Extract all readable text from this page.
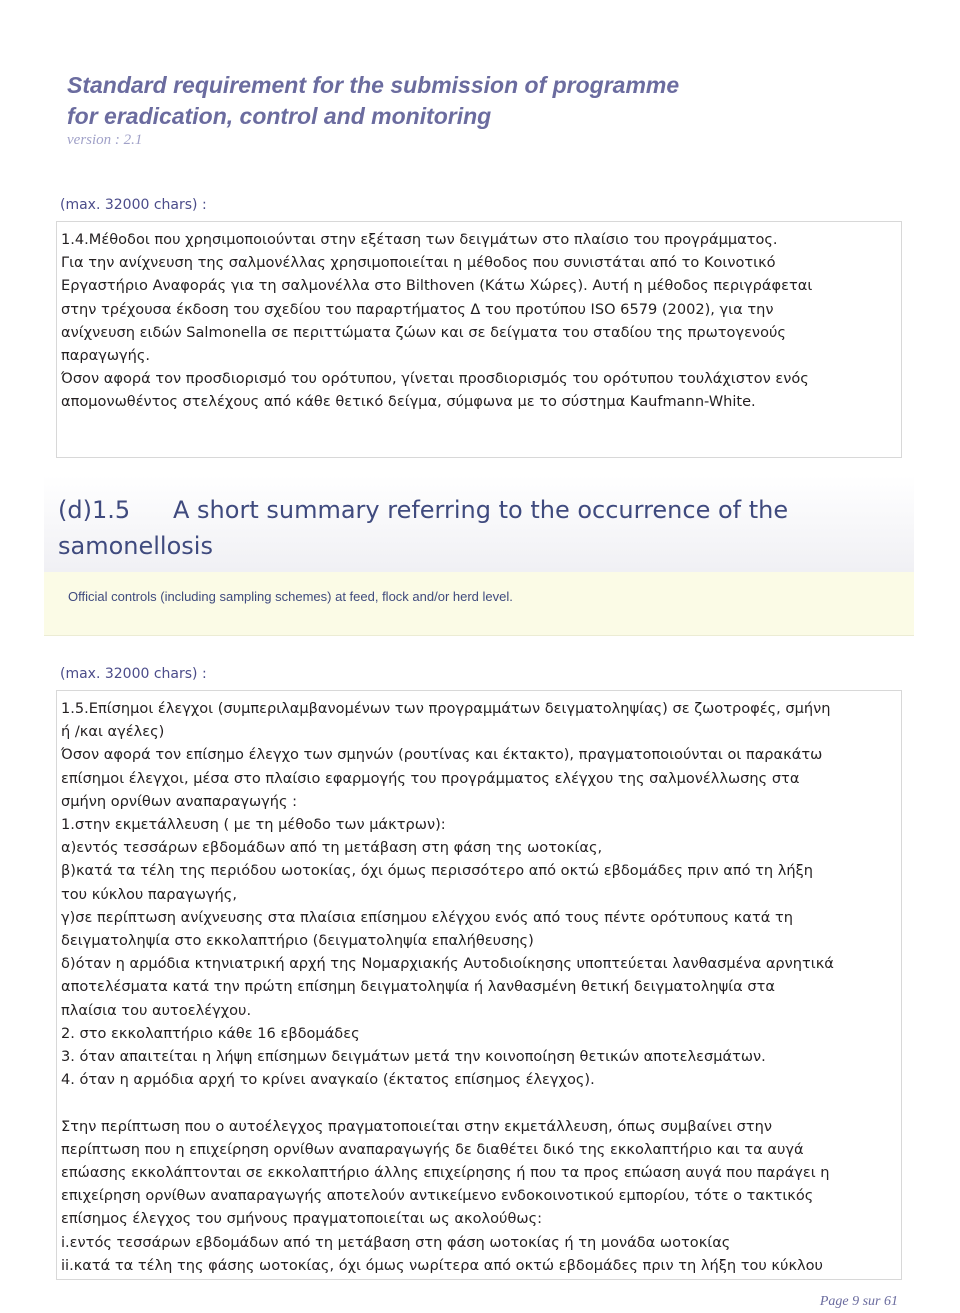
Standard requirement for the submission of programme
for eradication, control and monitoring
version : 2.1
(max. 32000 chars) :
1.4.Μέθοδοι που χρησιμοποιούνται στην εξέταση των δειγμάτων στο πλαίσιο του προγράμματος.
Για την ανίχνευση της σαλμονέλλας χρησιμοποιείται η μέθοδος που συνιστάται από το Κοινοτικό
Εργαστήριο Αναφοράς για τη σαλμονέλλα στο Bilthoven (Κάτω Χώρες). Αυτή η μέθοδος περιγράφεται
στην τρέχουσα έκδοση του σχεδίου του παραρτήματος Δ του προτύπου ISO 6579 (2002), για την
ανίχνευση ειδών Salmonella σε περιττώματα ζώων και σε δείγματα του σταδίου της πρωτογενούς
παραγωγής.
Όσον αφορά τον προσδιορισμό του ορότυπου, γίνεται προσδιορισμός του ορότυπου τουλάχιστον ενός
απομονωθέντος στελέχους από κάθε θετικό δείγμα, σύμφωνα με το σύστημα Kaufmann-White.
(d)1.5 A short summary referring to the occurrence of the
samonellosis
Official controls (including sampling schemes) at feed, flock and/or herd level.
(max. 32000 chars) :
1.5.Επίσημοι έλεγχοι (συμπεριλαμβανομένων των προγραμμάτων δειγματοληψίας) σε ζωοτροφές, σμήνη
ή /και αγέλες)
Όσον αφορά τον επίσημο έλεγχο των σμηνών (ρουτίνας και έκτακτο), πραγματοποιούνται οι παρακάτω
επίσημοι έλεγχοι, μέσα στο πλαίσιο εφαρμογής του προγράμματος ελέγχου της σαλμονέλλωσης στα
σμήνη ορνίθων αναπαραγωγής :
1.στην εκμετάλλευση ( με τη μέθοδο των μάκτρων):
α)εντός τεσσάρων εβδομάδων από τη μετάβαση στη φάση της ωοτοκίας,
β)κατά τα τέλη της περιόδου ωοτοκίας, όχι όμως περισσότερο από οκτώ εβδομάδες πριν από τη λήξη
του κύκλου παραγωγής,
γ)σε περίπτωση ανίχνευσης στα πλαίσια επίσημου ελέγχου ενός από τους πέντε ορότυπους κατά τη
δειγματοληψία στο εκκολαπτήριο (δειγματοληψία επαλήθευσης)
δ)όταν η αρμόδια κτηνιατρική αρχή της Νομαρχιακής Αυτοδιοίκησης υποπτεύεται λανθασμένα αρνητικά
αποτελέσματα κατά την πρώτη επίσημη δειγματοληψία ή λανθασμένη θετική δειγματοληψία στα
πλαίσια του αυτοελέγχου.
2. στο εκκολαπτήριο κάθε 16 εβδομάδες
3. όταν απαιτείται η λήψη επίσημων δειγμάτων μετά την κοινοποίηση θετικών αποτελεσμάτων.
4. όταν η αρμόδια αρχή το κρίνει αναγκαίο (έκτατος επίσημος έλεγχος).
Στην περίπτωση που ο αυτοέλεγχος πραγματοποιείται στην εκμετάλλευση, όπως συμβαίνει στην
περίπτωση που η επιχείρηση ορνίθων αναπαραγωγής δε διαθέτει δικό της εκκολαπτήριο και τα αυγά
επώασης εκκολάπτονται σε εκκολαπτήριο άλλης επιχείρησης ή που τα προς επώαση αυγά που παράγει η
επιχείρηση ορνίθων αναπαραγωγής αποτελούν αντικείμενο ενδοκοινοτικού εμπορίου, τότε ο τακτικός
επίσημος έλεγχος του σμήνους πραγματοποιείται ως ακολούθως:
i.εντός τεσσάρων εβδομάδων από τη μετάβαση στη φάση ωοτοκίας ή τη μονάδα ωοτοκίας
ii.κατά τα τέλη της φάσης ωοτοκίας, όχι όμως νωρίτερα από οκτώ εβδομάδες πριν τη λήξη του κύκλου
Page 9 sur 61
